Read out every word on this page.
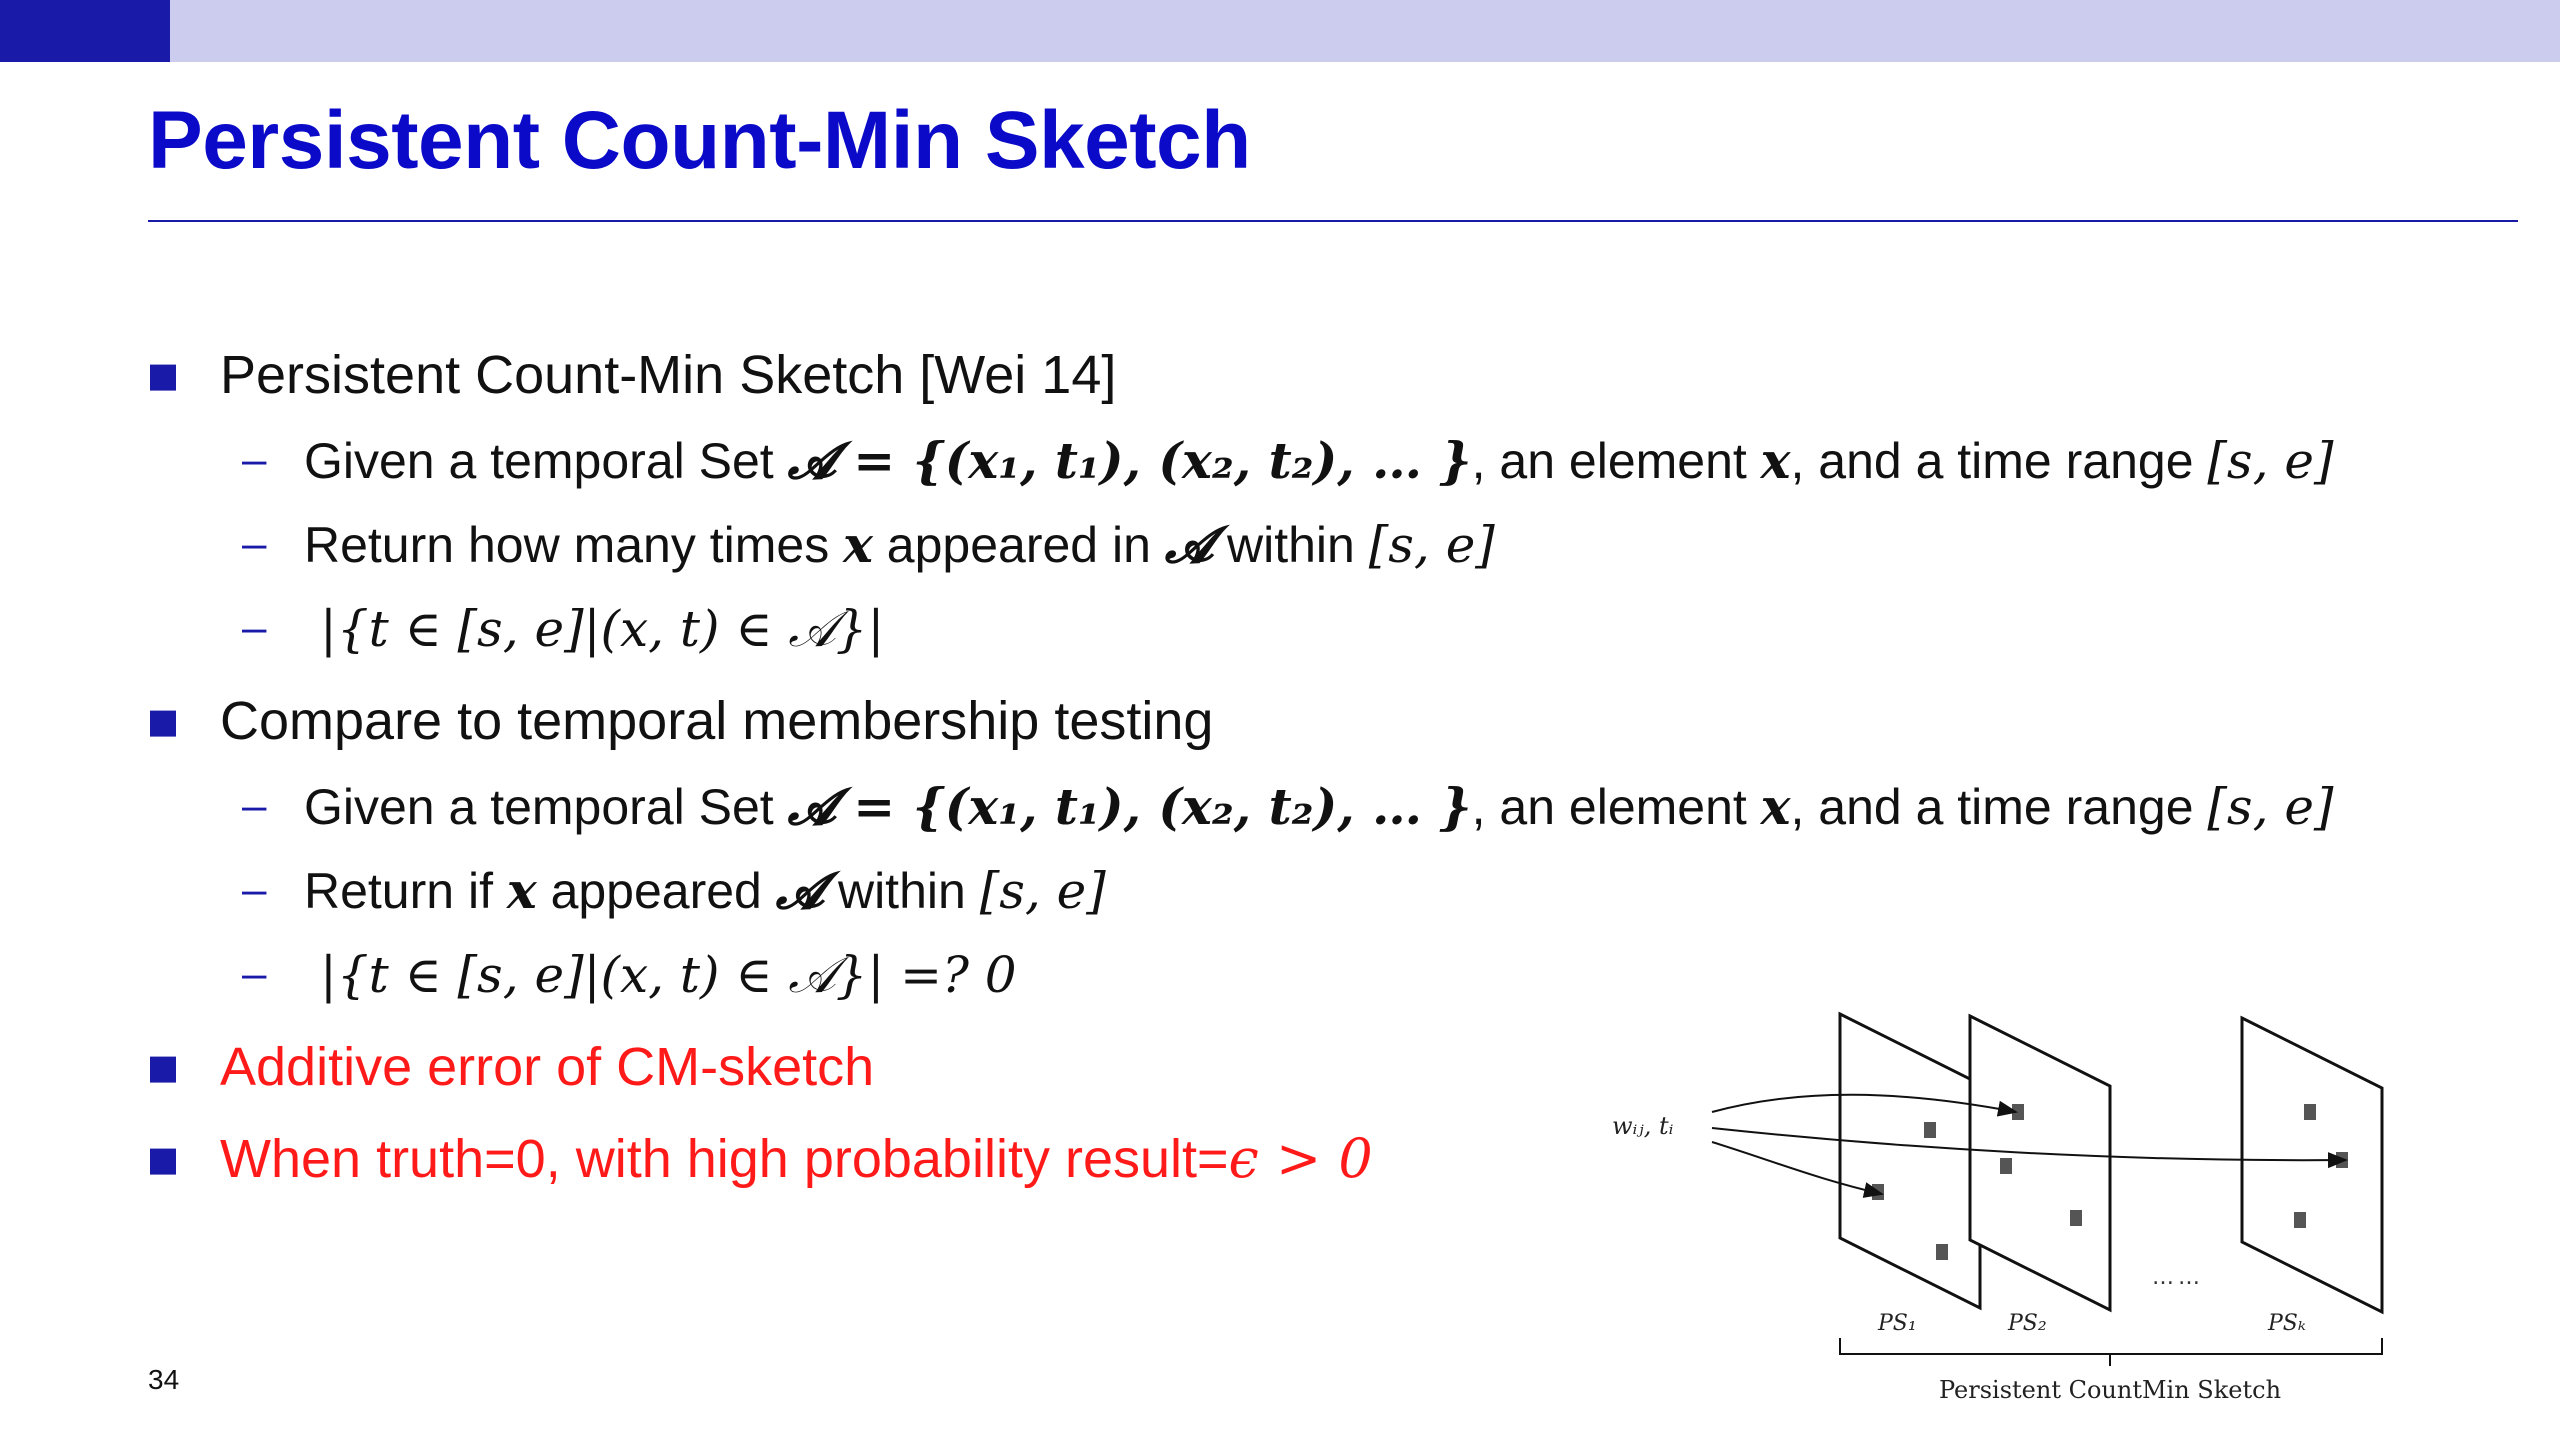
Persistent Count-Min Sketch
Persistent Count-Min Sketch [Wei 14]
– Given a temporal Set 𝓐 = {(x₁, t₁), (x₂, t₂), … }, an element x, and a time range [s, e]
– Return how many times x appeared in 𝓐 within [s, e]
– |{t ∈ [s, e]|(x, t) ∈ 𝒜}|
Compare to temporal membership testing
– Given a temporal Set 𝓐 = {(x₁, t₁), (x₂, t₂), … }, an element x, and a time range [s, e]
– Return if x appeared 𝓐 within [s, e]
– |{t ∈ [s, e]|(x, t) ∈ 𝒜}| =? 0
Additive error of CM-sketch
When truth=0, with high probability result=ϵ > 0
wᵢⱼ, tᵢ
……
PS₁	PS₂	PSₖ
Persistent CountMin Sketch
34
